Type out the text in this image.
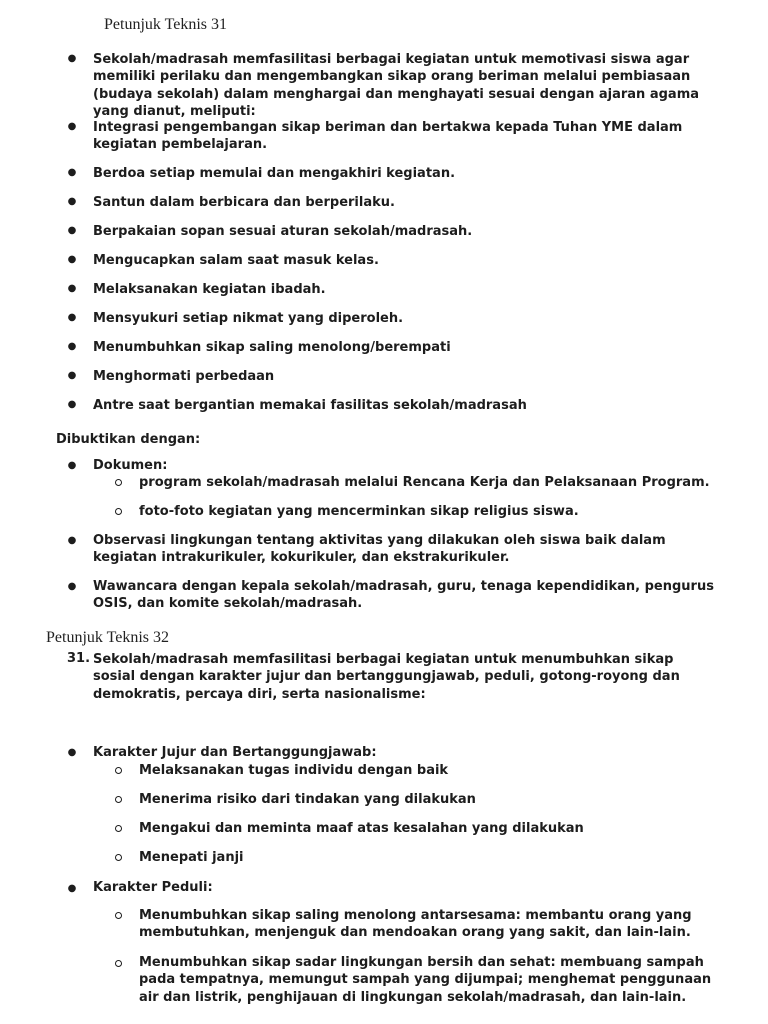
Petunjuk Teknis 31
● Sekolah/madrasah memfasilitasi berbagai kegiatan untuk memotivasi siswa agar memiliki perilaku dan mengembangkan sikap orang beriman melalui pembiasaan (budaya sekolah) dalam menghargai dan menghayati sesuai dengan ajaran agama yang dianut, meliputi:
● Integrasi pengembangan sikap beriman dan bertakwa kepada Tuhan YME dalam kegiatan pembelajaran.
● Berdoa setiap memulai dan mengakhiri kegiatan.
● Santun dalam berbicara dan berperilaku.
● Berpakaian sopan sesuai aturan sekolah/madrasah.
● Mengucapkan salam saat masuk kelas.
● Melaksanakan kegiatan ibadah.
● Mensyukuri setiap nikmat yang diperoleh.
● Menumbuhkan sikap saling menolong/berempati
● Menghormati perbedaan
● Antre saat bergantian memakai fasilitas sekolah/madrasah
Dibuktikan dengan:
● Dokumen:
program sekolah/madrasah melalui Rencana Kerja dan Pelaksanaan Program.
foto-foto kegiatan yang mencerminkan sikap religius siswa.
● Observasi lingkungan tentang aktivitas yang dilakukan oleh siswa baik dalam kegiatan intrakurikuler, kokurikuler, dan ekstrakurikuler.
● Wawancara dengan kepala sekolah/madrasah, guru, tenaga kependidikan, pengurus OSIS, dan komite sekolah/madrasah.
Petunjuk Teknis 32
31. Sekolah/madrasah memfasilitasi berbagai kegiatan untuk menumbuhkan sikap sosial dengan karakter jujur dan bertanggungjawab, peduli, gotong-royong dan demokratis, percaya diri, serta nasionalisme:
● Karakter Jujur dan Bertanggungjawab:
Melaksanakan tugas individu dengan baik
Menerima risiko dari tindakan yang dilakukan
Mengakui dan meminta maaf atas kesalahan yang dilakukan
Menepati janji
● Karakter Peduli:
Menumbuhkan sikap saling menolong antarsesama: membantu orang yang membutuhkan, menjenguk dan mendoakan orang yang sakit, dan lain-lain.
Menumbuhkan sikap sadar lingkungan bersih dan sehat: membuang sampah pada tempatnya, memungut sampah yang dijumpai; menghemat penggunaan air dan listrik, penghijauan di lingkungan sekolah/madrasah, dan lain-lain.
